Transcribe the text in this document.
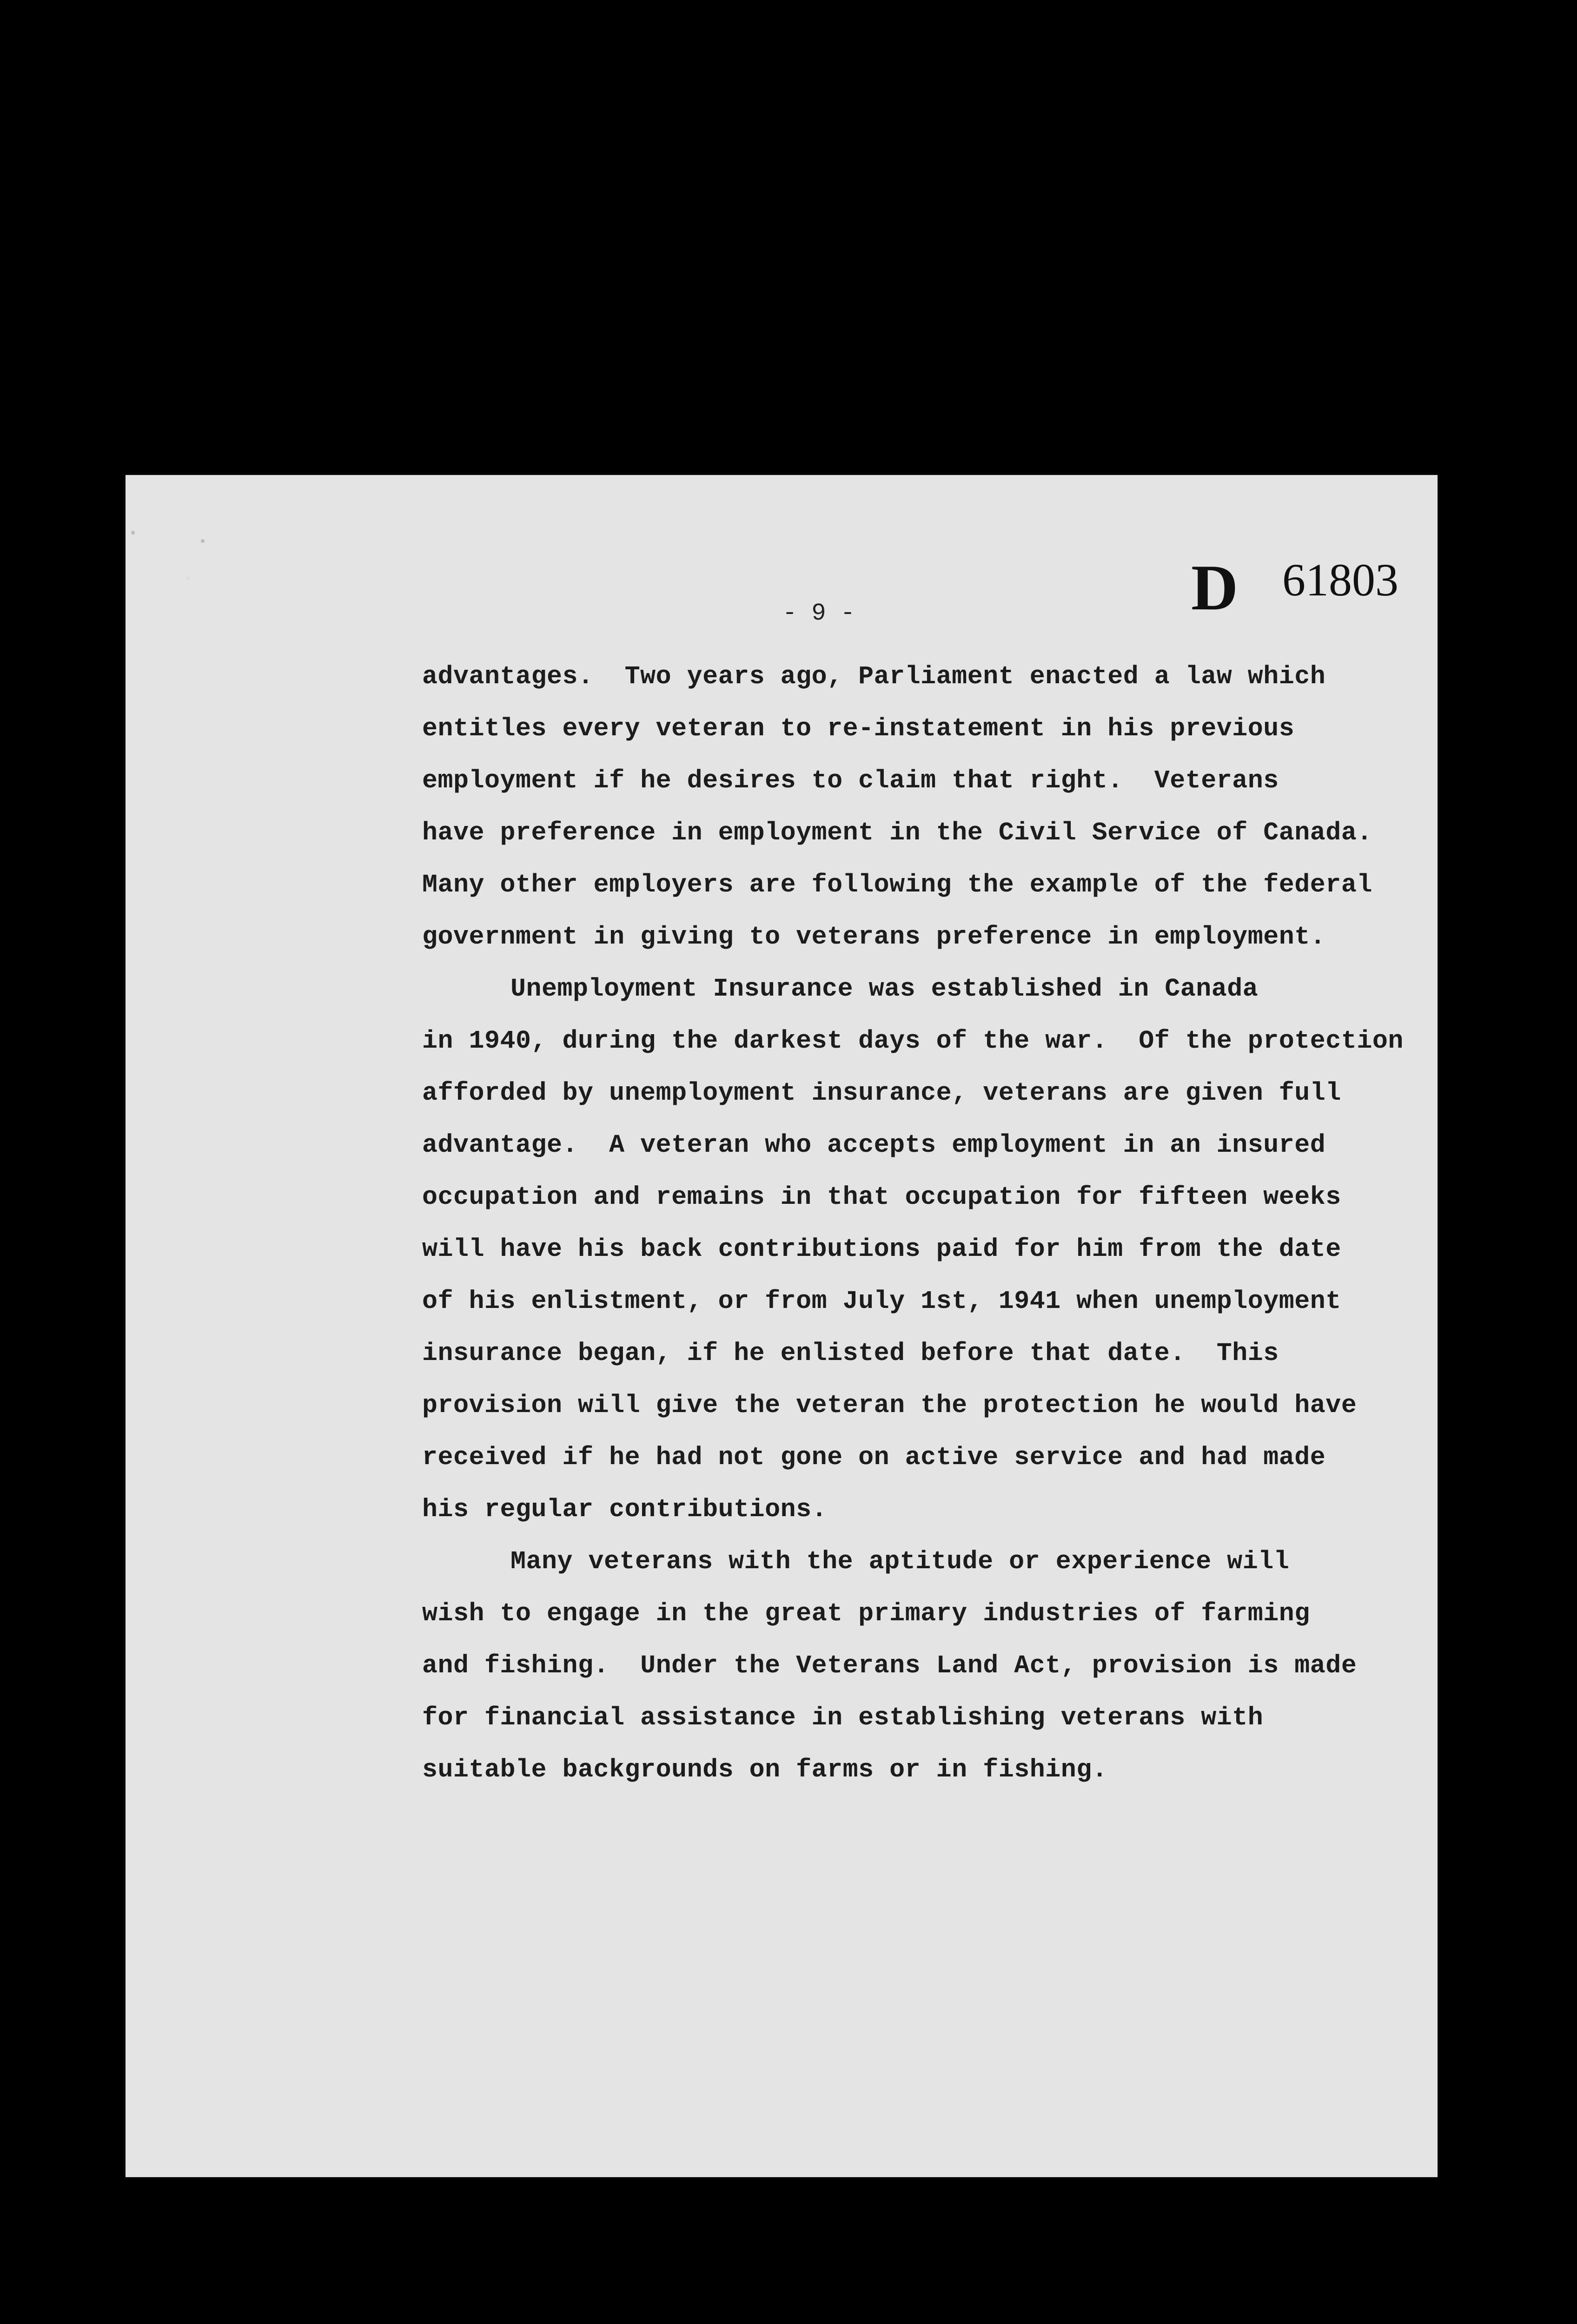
D 61803
- 9 -
advantages.  Two years ago, Parliament enacted a law which
entitles every veteran to re-instatement in his previous
employment if he desires to claim that right.  Veterans
have preference in employment in the Civil Service of Canada.
Many other employers are following the example of the federal
government in giving to veterans preference in employment.
Unemployment Insurance was established in Canada
in 1940, during the darkest days of the war.  Of the protection
afforded by unemployment insurance, veterans are given full
advantage.  A veteran who accepts employment in an insured
occupation and remains in that occupation for fifteen weeks
will have his back contributions paid for him from the date
of his enlistment, or from July 1st, 1941 when unemployment
insurance began, if he enlisted before that date.  This
provision will give the veteran the protection he would have
received if he had not gone on active service and had made
his regular contributions.
Many veterans with the aptitude or experience will
wish to engage in the great primary industries of farming
and fishing.  Under the Veterans Land Act, provision is made
for financial assistance in establishing veterans with
suitable backgrounds on farms or in fishing.
